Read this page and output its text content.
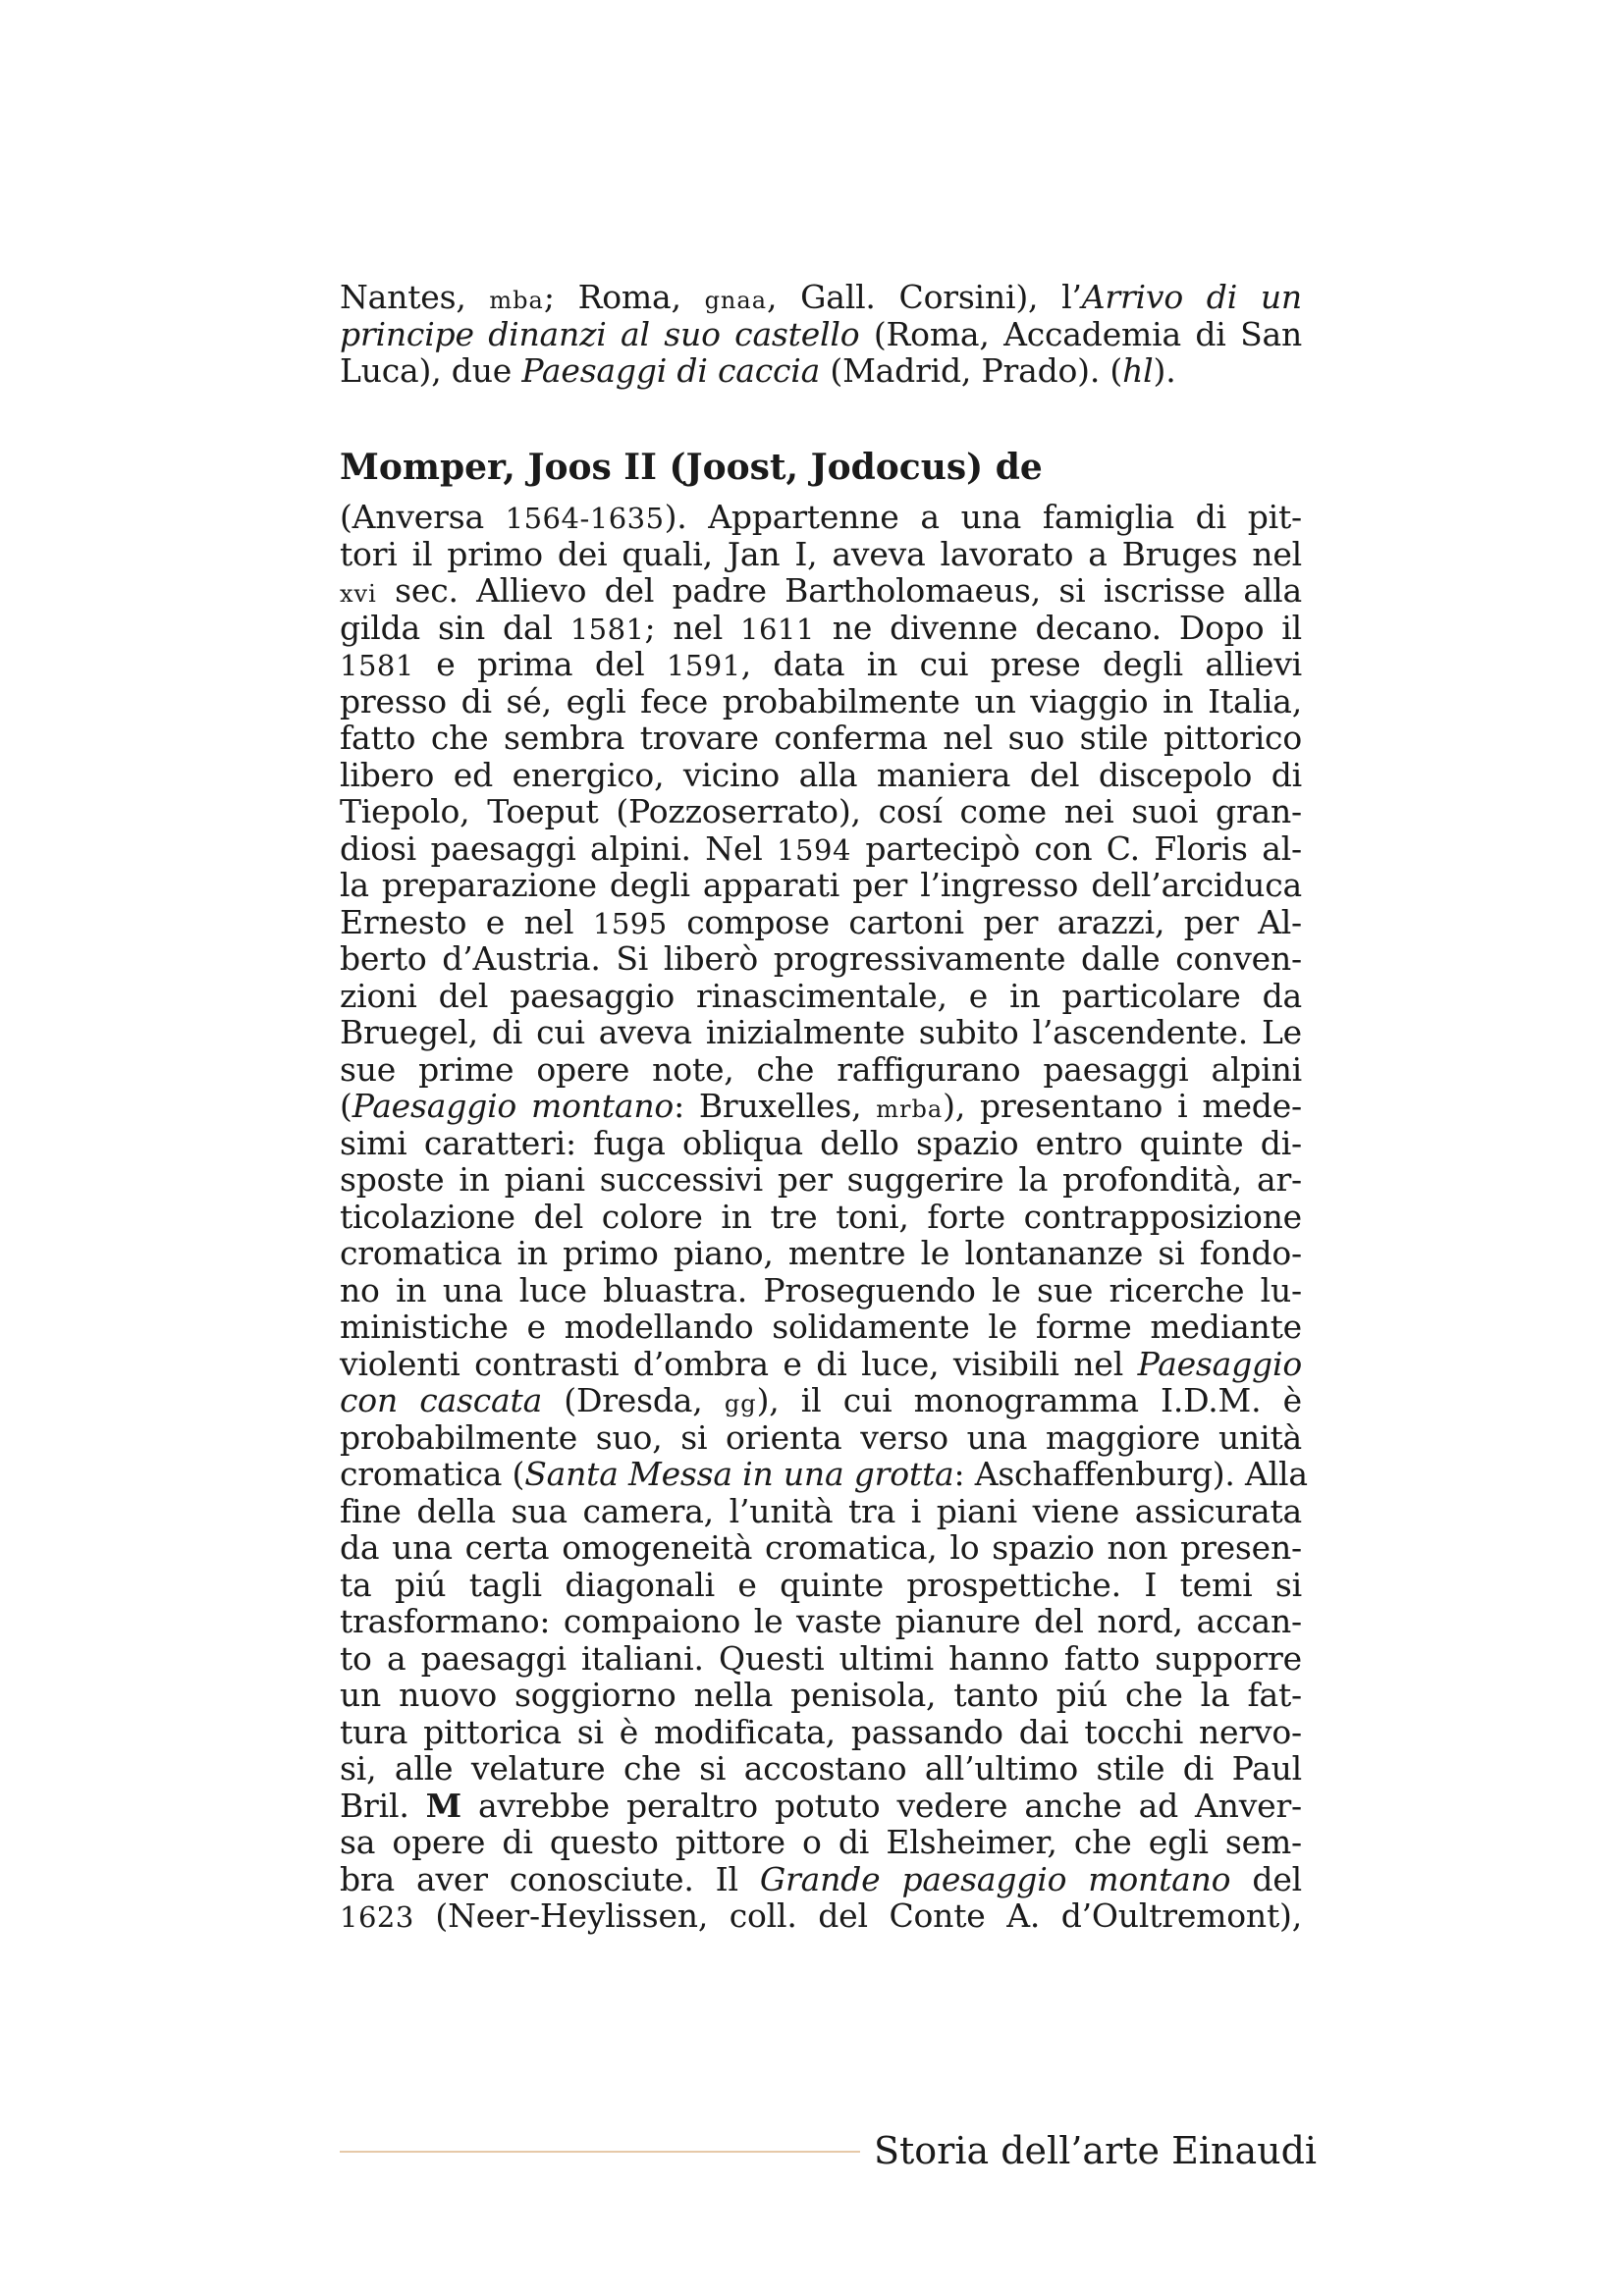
Nantes, mba; Roma, gnaa, Gall. Corsini), l’Arrivo di un
principe dinanzi al suo castello (Roma, Accademia di San
Luca), due Paesaggi di caccia (Madrid, Prado). (hl).
Momper, Joos II (Joost, Jodocus) de
(Anversa 1564-1635). Appartenne a una famiglia di pit-
tori il primo dei quali, Jan I, aveva lavorato a Bruges nel
xvi sec. Allievo del padre Bartholomaeus, si iscrisse alla
gilda sin dal 1581; nel 1611 ne divenne decano. Dopo il
1581 e prima del 1591, data in cui prese degli allievi
presso di sé, egli fece probabilmente un viaggio in Italia,
fatto che sembra trovare conferma nel suo stile pittorico
libero ed energico, vicino alla maniera del discepolo di
Tiepolo, Toeput (Pozzoserrato), cosí come nei suoi gran-
diosi paesaggi alpini. Nel 1594 partecipò con C. Floris al-
la preparazione degli apparati per l’ingresso dell’arciduca
Ernesto e nel 1595 compose cartoni per arazzi, per Al-
berto d’Austria. Si liberò progressivamente dalle conven-
zioni del paesaggio rinascimentale, e in particolare da
Bruegel, di cui aveva inizialmente subito l’ascendente. Le
sue prime opere note, che raffigurano paesaggi alpini
(Paesaggio montano: Bruxelles, mrba), presentano i mede-
simi caratteri: fuga obliqua dello spazio entro quinte di-
sposte in piani successivi per suggerire la profondità, ar-
ticolazione del colore in tre toni, forte contrapposizione
cromatica in primo piano, mentre le lontananze si fondo-
no in una luce bluastra. Proseguendo le sue ricerche lu-
ministiche e modellando solidamente le forme mediante
violenti contrasti d’ombra e di luce, visibili nel Paesaggio
con cascata (Dresda, gg), il cui monogramma I.D.M. è
probabilmente suo, si orienta verso una maggiore unità
cromatica (Santa Messa in una grotta: Aschaffenburg). Alla
fine della sua camera, l’unità tra i piani viene assicurata
da una certa omogeneità cromatica, lo spazio non presen-
ta piú tagli diagonali e quinte prospettiche. I temi si
trasformano: compaiono le vaste pianure del nord, accan-
to a paesaggi italiani. Questi ultimi hanno fatto supporre
un nuovo soggiorno nella penisola, tanto piú che la fat-
tura pittorica si è modificata, passando dai tocchi nervo-
si, alle velature che si accostano all’ultimo stile di Paul
Bril. M avrebbe peraltro potuto vedere anche ad Anver-
sa opere di questo pittore o di Elsheimer, che egli sem-
bra aver conosciute. Il Grande paesaggio montano del
1623 (Neer-Heylissen, coll. del Conte A. d’Oultremont),
Storia dell’arte Einaudi
